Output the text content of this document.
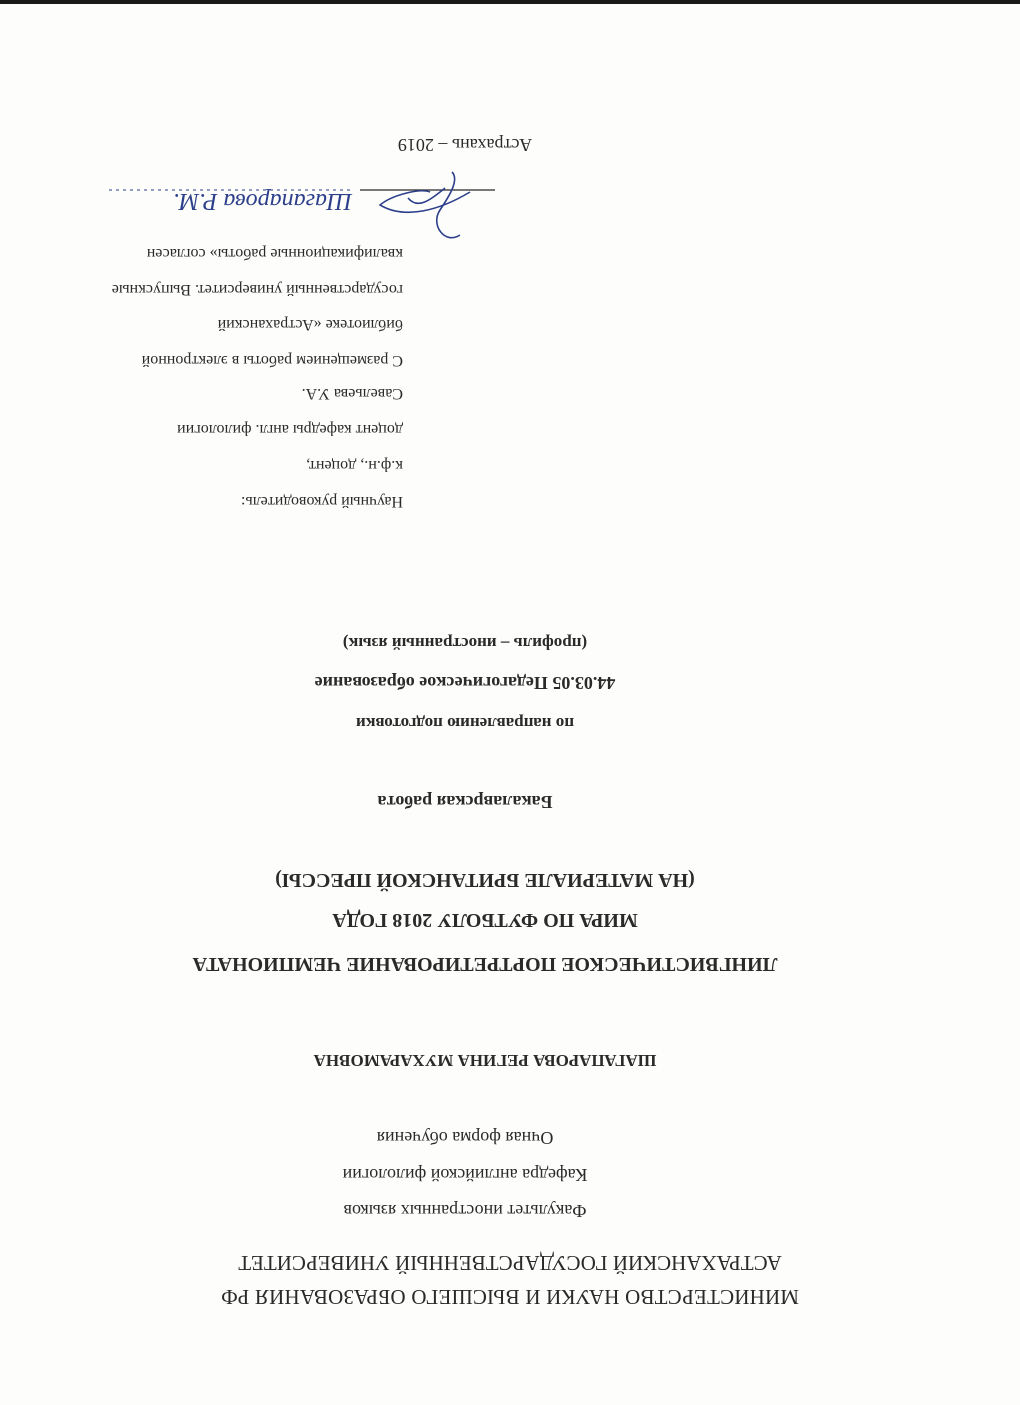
МИНИСТЕРСТВО НАУКИ И ВЫСШЕГО ОБРАЗОВАНИЯ РФ
АСТРАХАНСКИЙ ГОСУДАРСТВЕННЫЙ УНИВЕРСИТЕТ
Факультет иностранных языков
Кафедра английской филологии
Очная форма обучения
ШАГАПАРОВА РЕГИНА МУХАРАМОВНА
ЛИНГВИСТИЧЕСКОЕ ПОРТРЕТИРОВАНИЕ ЧЕМПИОНАТА
МИРА ПО ФУТБОЛУ 2018 ГОДА
(НА МАТЕРИАЛЕ БРИТАНСКОЙ ПРЕССЫ)
Бакалаврская работа
по направлению подготовки
44.03.05 Педагогическое образование
(профиль – иностранный язык)
Научный руководитель:
к.ф.н., доцент,
доцент кафедры англ. филологии
Савельева У.А.
С размещением работы в электронной
библиотеке «Астраханский
государственный университет. Выпускные
квалификационные работы» согласен
Шагапарова Р.М.
Астрахань – 2019
